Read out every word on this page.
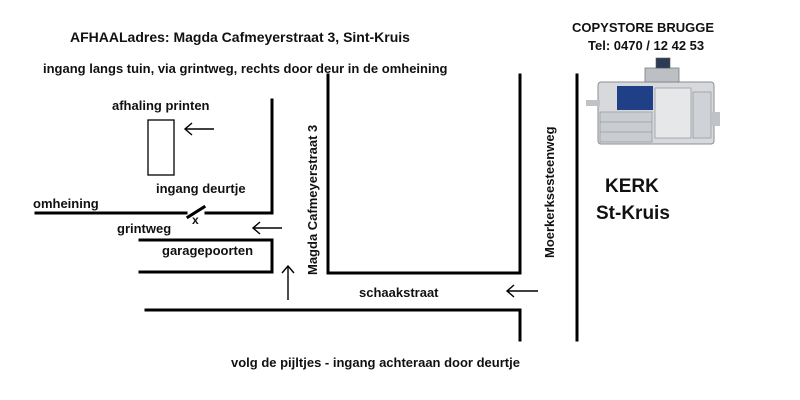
AFHAALadres: Magda Cafmeyerstraat 3, Sint-Kruis
ingang langs tuin, via grintweg, rechts door deur in de omheining
COPYSTORE BRUGGE
Tel: 0470 / 12 42 53
afhaling printen
ingang deurtje
omheining
x
grintweg
garagepoorten
schaakstraat
Magda Cafmeyerstraat 3	Moerkerksesteenweg	KERK
St-Kruis
volg de pijltjes - ingang achteraan door deurtje
